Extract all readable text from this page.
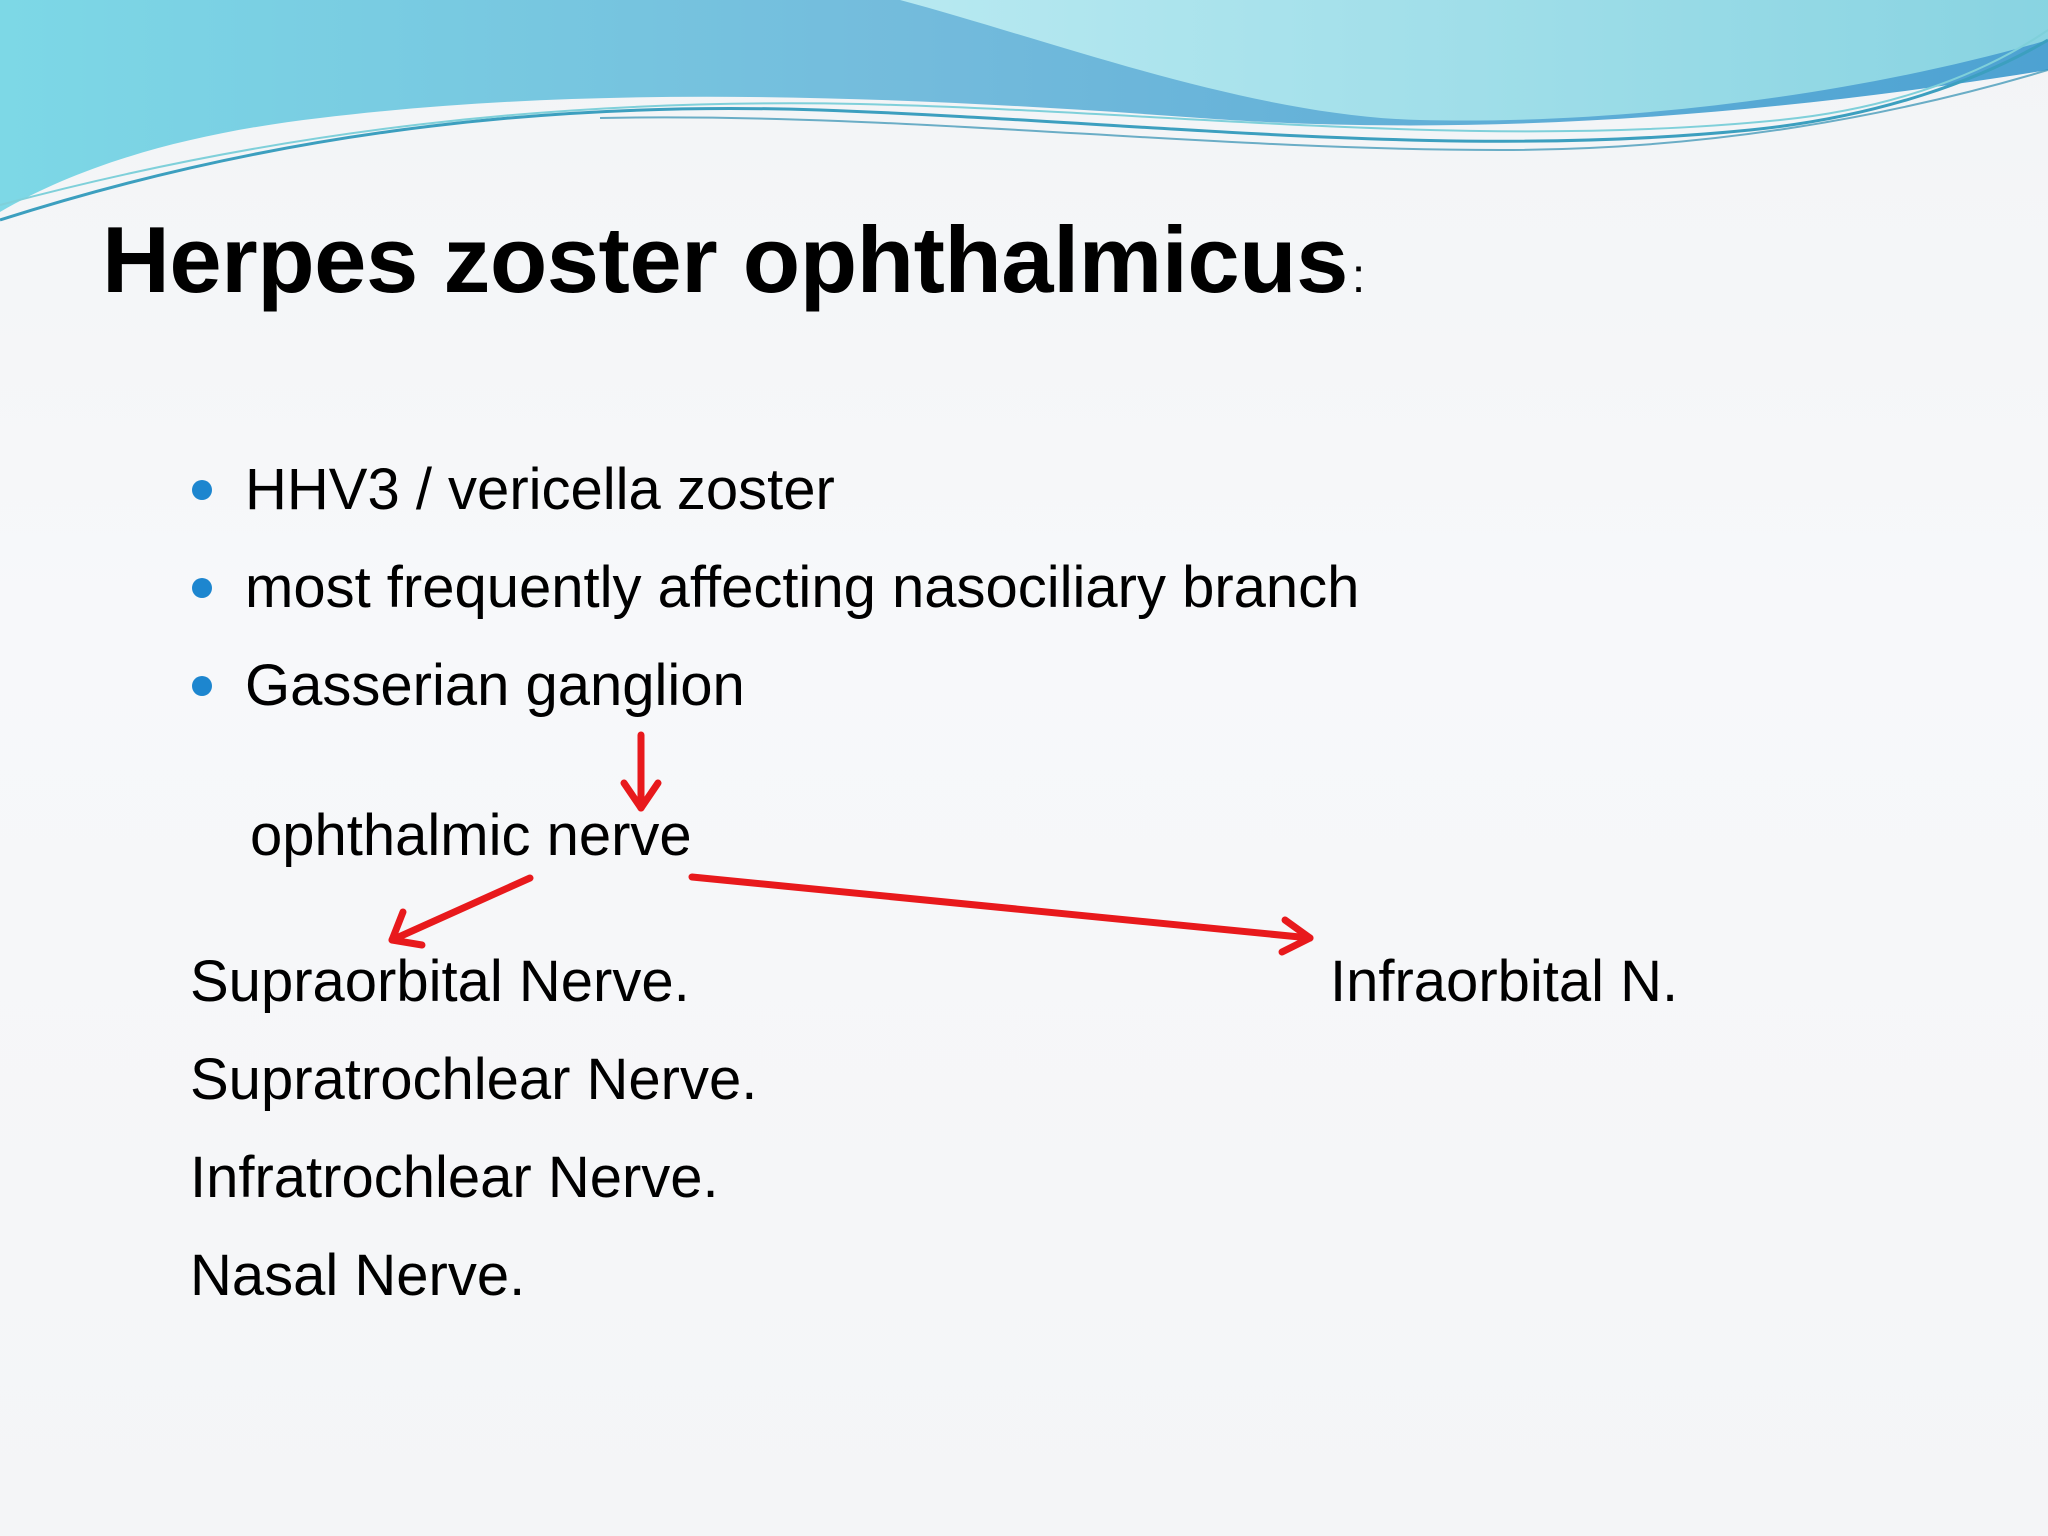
Herpes zoster ophthalmicus:
HHV3 / vericella zoster
most frequently affecting nasociliary branch
Gasserian ganglion
ophthalmic nerve
Supraorbital Nerve.
Supratrochlear Nerve.
Infratrochlear Nerve.
Nasal Nerve.
Infraorbital N.
